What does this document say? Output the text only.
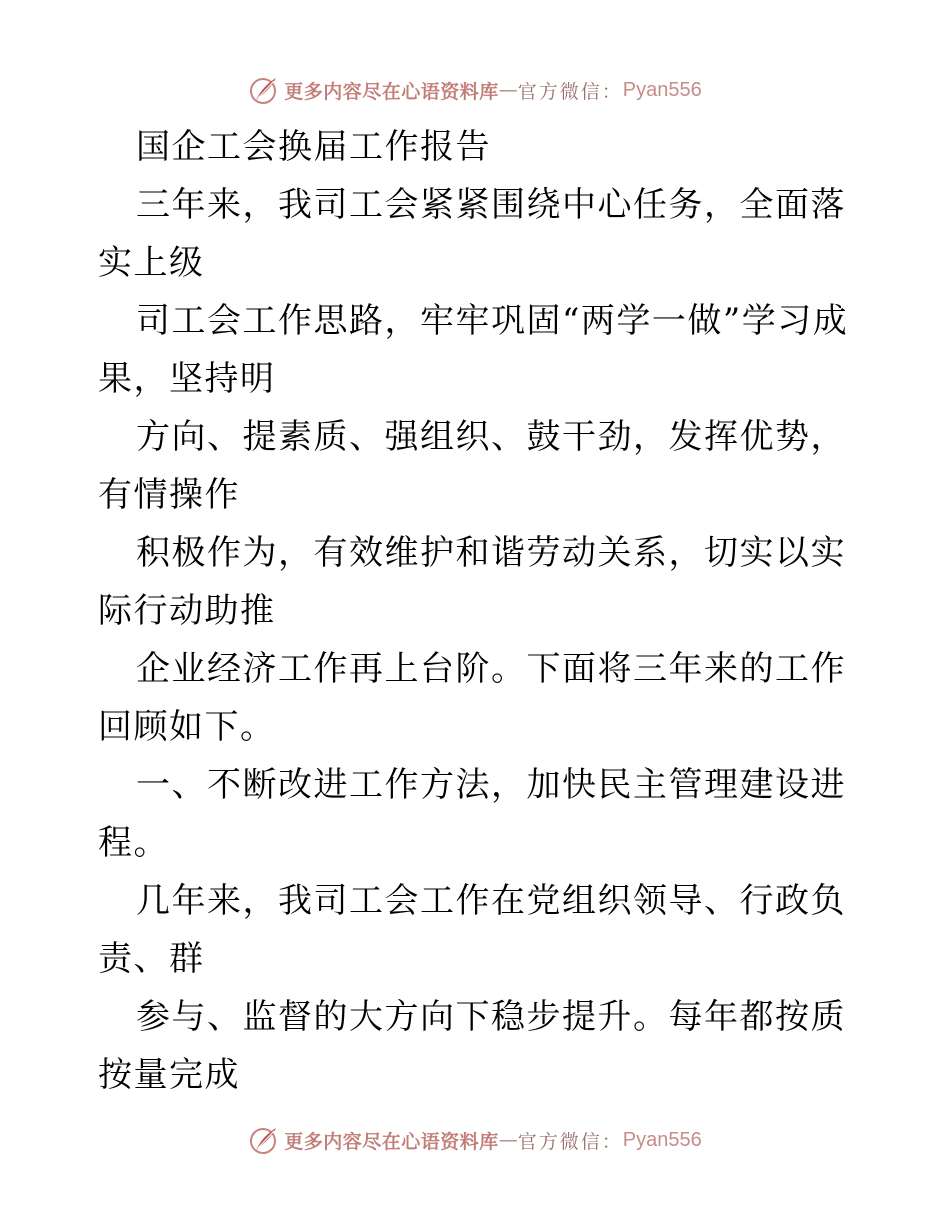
更多内容尽在心语资料库 — 官方微信： Pyan556

国企工会换届工作报告

三年来，我司工会紧紧围绕中心任务，全面落实上级

司工会工作思路，牢牢巩固“两学一做”学习成果，坚持明

方向、提素质、强组织、鼓干劲，发挥优势，有情操作

积极作为，有效维护和谐劳动关系，切实以实际行动助推

企业经济工作再上台阶。下面将三年来的工作回顾如下。

一、不断改进工作方法，加快民主管理建设进程。

几年来，我司工会工作在党组织领导、行政负责、群

参与、监督的大方向下稳步提升。每年都按质按量完成

更多内容尽在心语资料库 — 官方微信： Pyan556
